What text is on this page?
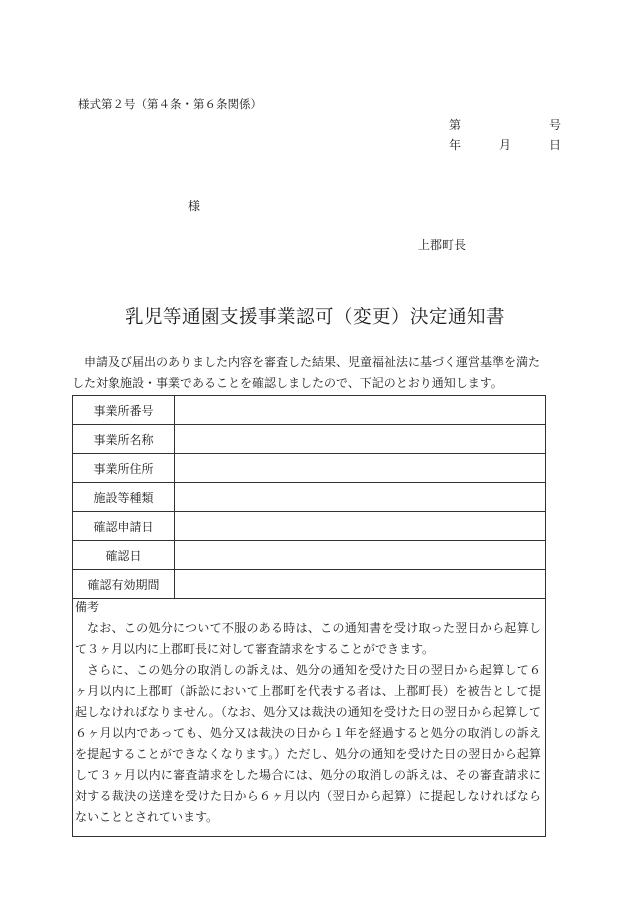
様式第２号（第４条・第６条関係）
第	号
年	月	日
様
上郡町長
乳児等通園支援事業認可（変更）決定通知書

申請及び届出のありました内容を審査した結果、児童福祉法に基づく運営基準を満た

した対象施設・事業であることを確認しましたので、下記のとおり通知します。

事業所番号	
事業所名称	
事業所住所	
施設等種類	
確認申請日	
確認日	
確認有効期間	

備考

なお、この処分について不服のある時は、この通知書を受け取った翌日から起算して３ヶ月以内に上郡町長に対して審査請求をすることができます。

さらに、この処分の取消しの訴えは、処分の通知を受けた日の翌日から起算して６ヶ月以内に上郡町（訴訟において上郡町を代表する者は、上郡町長）を被告として提起しなければなりません。（なお、処分又は裁決の通知を受けた日の翌日から起算して６ヶ月以内であっても、処分又は裁決の日から１年を経過すると処分の取消しの訴えを提起することができなくなります。）ただし、処分の通知を受けた日の翌日から起算して３ヶ月以内に審査請求をした場合には、処分の取消しの訴えは、その審査請求に対する裁決の送達を受けた日から６ヶ月以内（翌日から起算）に提起しなければならないこととされています。
